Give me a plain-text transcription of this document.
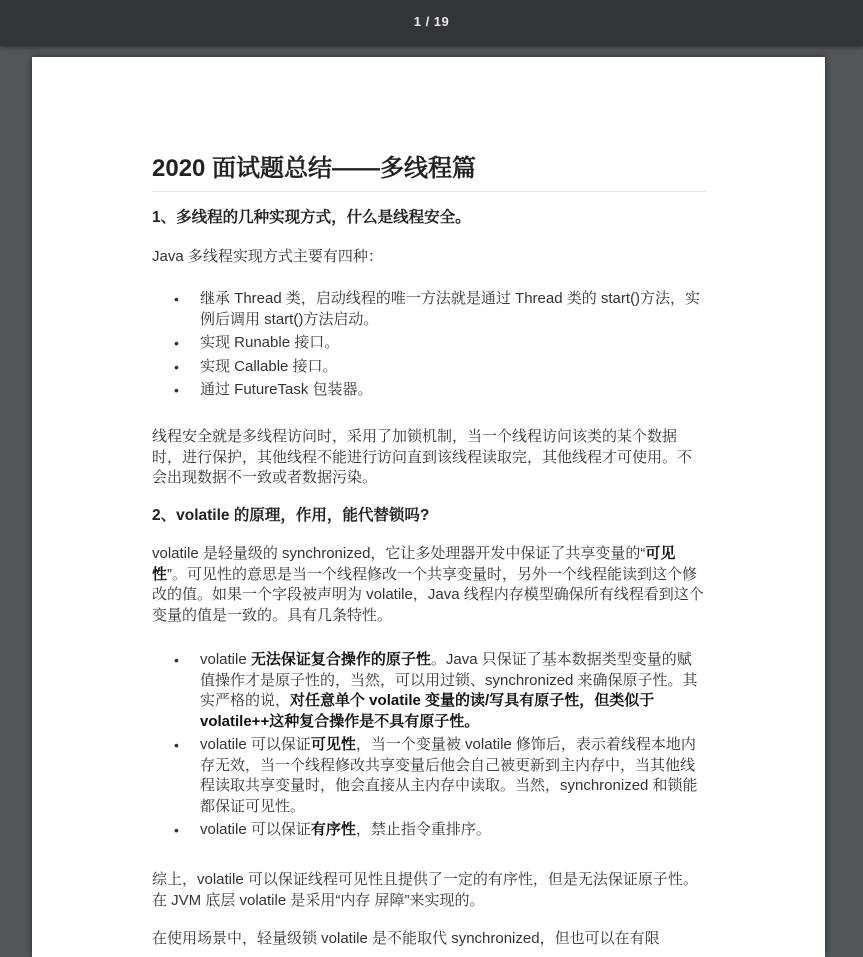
1 / 19
2020 面试题总结——多线程篇
1、多线程的几种实现方式，什么是线程安全。

Java 多线程实现方式主要有四种：

• 继承 Thread 类，启动线程的唯一方法就是通过 Thread 类的 start()方法，实例后调用 start()方法启动。
• 实现 Runable 接口。
• 实现 Callable 接口。
• 通过 FutureTask 包装器。

线程安全就是多线程访问时，采用了加锁机制，当一个线程访问该类的某个数据时，进行保护，其他线程不能进行访问直到该线程读取完，其他线程才可使用。不会出现数据不一致或者数据污染。

2、volatile 的原理，作用，能代替锁吗?

volatile 是轻量级的 synchronized，它让多处理器开发中保证了共享变量的“可见性”。可见性的意思是当一个线程修改一个共享变量时，另外一个线程能读到这个修改的值。如果一个字段被声明为 volatile，Java 线程内存模型确保所有线程看到这个变量的值是一致的。具有几条特性。

• volatile 无法保证复合操作的原子性。Java 只保证了基本数据类型变量的赋值操作才是原子性的，当然，可以用过锁、synchronized 来确保原子性。其实严格的说，对任意单个 volatile 变量的读/写具有原子性，但类似于 volatile++这种复合操作是不具有原子性。
• volatile 可以保证可见性，当一个变量被 volatile 修饰后，表示着线程本地内存无效，当一个线程修改共享变量后他会自己被更新到主内存中，当其他线程读取共享变量时，他会直接从主内存中读取。当然，synchronized 和锁能都保证可见性。
• volatile 可以保证有序性，禁止指令重排序。

综上，volatile 可以保证线程可见性且提供了一定的有序性，但是无法保证原子性。在 JVM 底层 volatile 是采用“内存 屏障”来实现的。

在使用场景中，轻量级锁 volatile 是不能取代 synchronized，但也可以在有限
